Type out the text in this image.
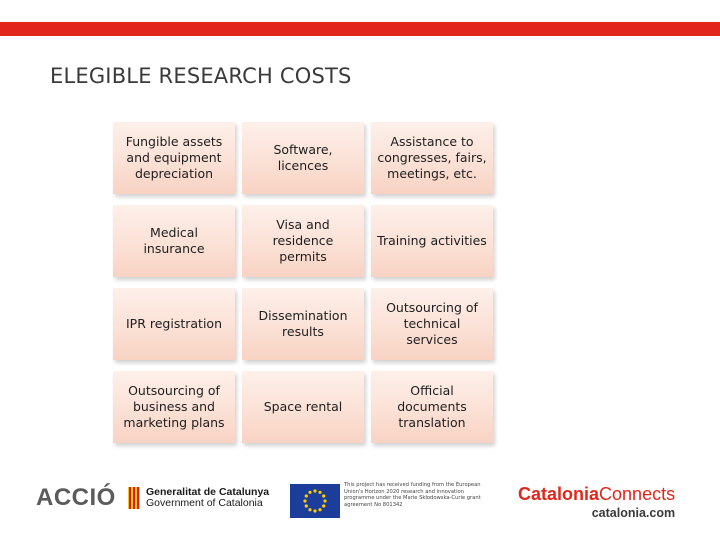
ELEGIBLE RESEARCH COSTS
Fungible assets and equipment depreciation
Software, licences
Assistance to congresses, fairs, meetings, etc.
Medical insurance
Visa and residence permits
Training activities
IPR registration
Dissemination results
Outsourcing of technical services
Outsourcing of business and marketing plans
Space rental
Official documents translation
ACCIÓ	Generalitat de Catalunya
Government of Catalonia
This project has received funding from the European Union's Horizon 2020 research and innovation programme under the Marie Skłodowska-Curie grant agreement No 801342
CataloniaConnects
catalonia.com
